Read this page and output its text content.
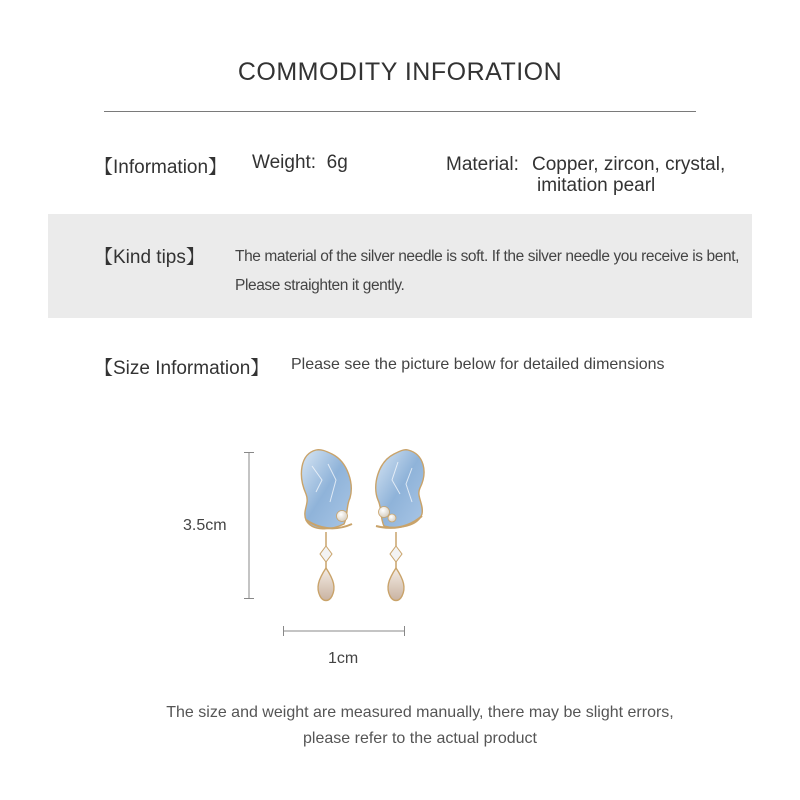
COMMODITY INFORATION
【Information】 Weight: 6g	Material: Copper, zircon, crystal,
imitation pearl
【Kind tips】 The material of the silver needle is soft. If the silver needle you receive is bent,
Please straighten it gently.
【Size Information】 Please see the picture below for detailed dimensions
3.5cm
1cm
The size and weight are measured manually, there may be slight errors,
please refer to the actual product
